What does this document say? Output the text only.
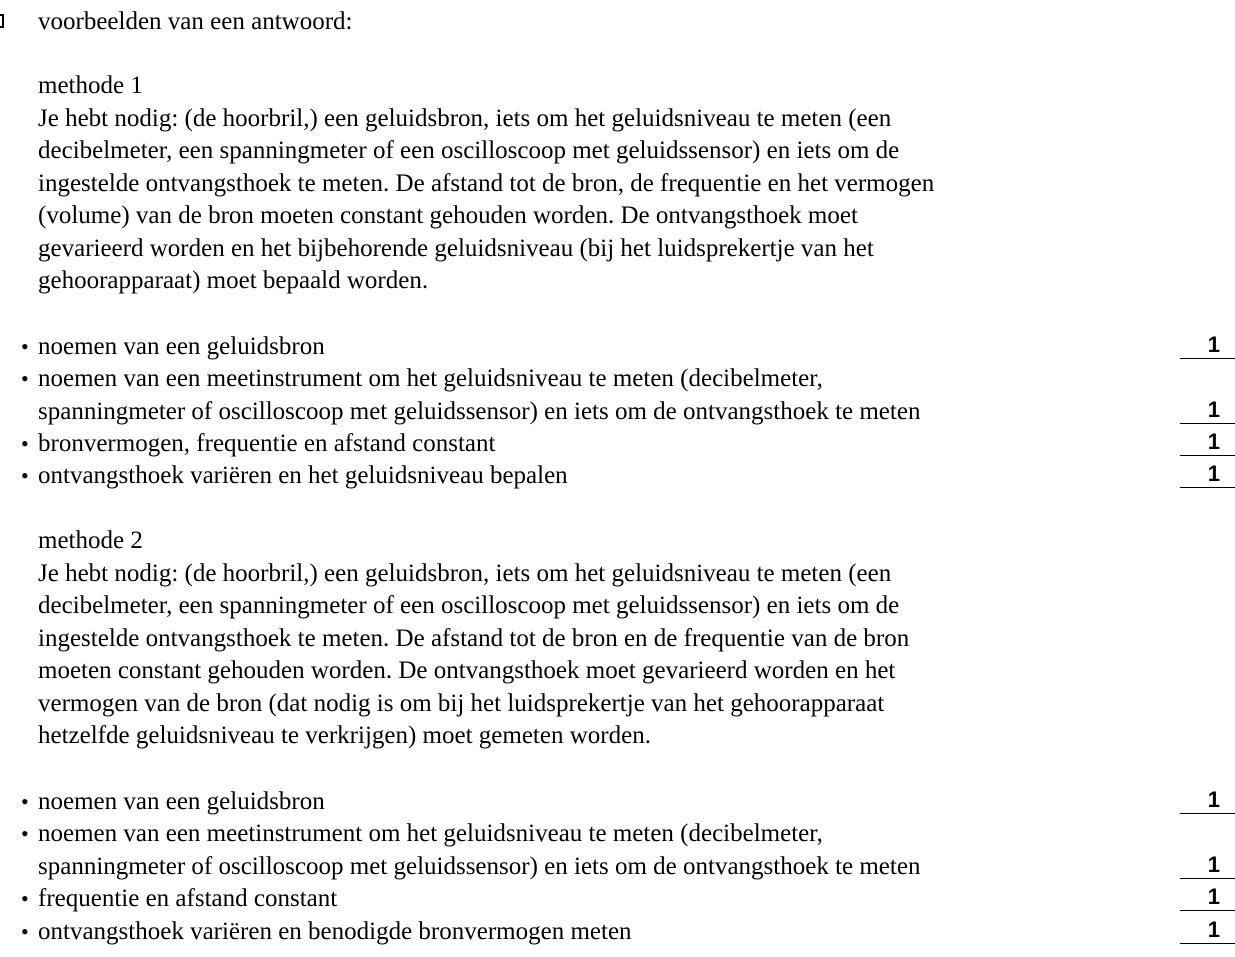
voorbeelden van een antwoord:
methode 1
Je hebt nodig: (de hoorbril,) een geluidsbron, iets om het geluidsniveau te meten (een
decibelmeter, een spanningmeter of een oscilloscoop met geluidssensor) en iets om de
ingestelde ontvangsthoek te meten. De afstand tot de bron, de frequentie en het vermogen
(volume) van de bron moeten constant gehouden worden. De ontvangsthoek moet
gevarieerd worden en het bijbehorende geluidsniveau (bij het luidsprekertje van het
gehoorapparaat) moet bepaald worden.
• noemen van een geluidsbron	1
• noemen van een meetinstrument om het geluidsniveau te meten (decibelmeter,
spanningmeter of oscilloscoop met geluidssensor) en iets om de ontvangsthoek te meten	1
• bronvermogen, frequentie en afstand constant	1
• ontvangsthoek variëren en het geluidsniveau bepalen	1
methode 2
Je hebt nodig: (de hoorbril,) een geluidsbron, iets om het geluidsniveau te meten (een
decibelmeter, een spanningmeter of een oscilloscoop met geluidssensor) en iets om de
ingestelde ontvangsthoek te meten. De afstand tot de bron en de frequentie van de bron
moeten constant gehouden worden. De ontvangsthoek moet gevarieerd worden en het
vermogen van de bron (dat nodig is om bij het luidsprekertje van het gehoorapparaat
hetzelfde geluidsniveau te verkrijgen) moet gemeten worden.
• noemen van een geluidsbron	1
• noemen van een meetinstrument om het geluidsniveau te meten (decibelmeter,
spanningmeter of oscilloscoop met geluidssensor) en iets om de ontvangsthoek te meten	1
• frequentie en afstand constant	1
• ontvangsthoek variëren en benodigde bronvermogen meten	1
